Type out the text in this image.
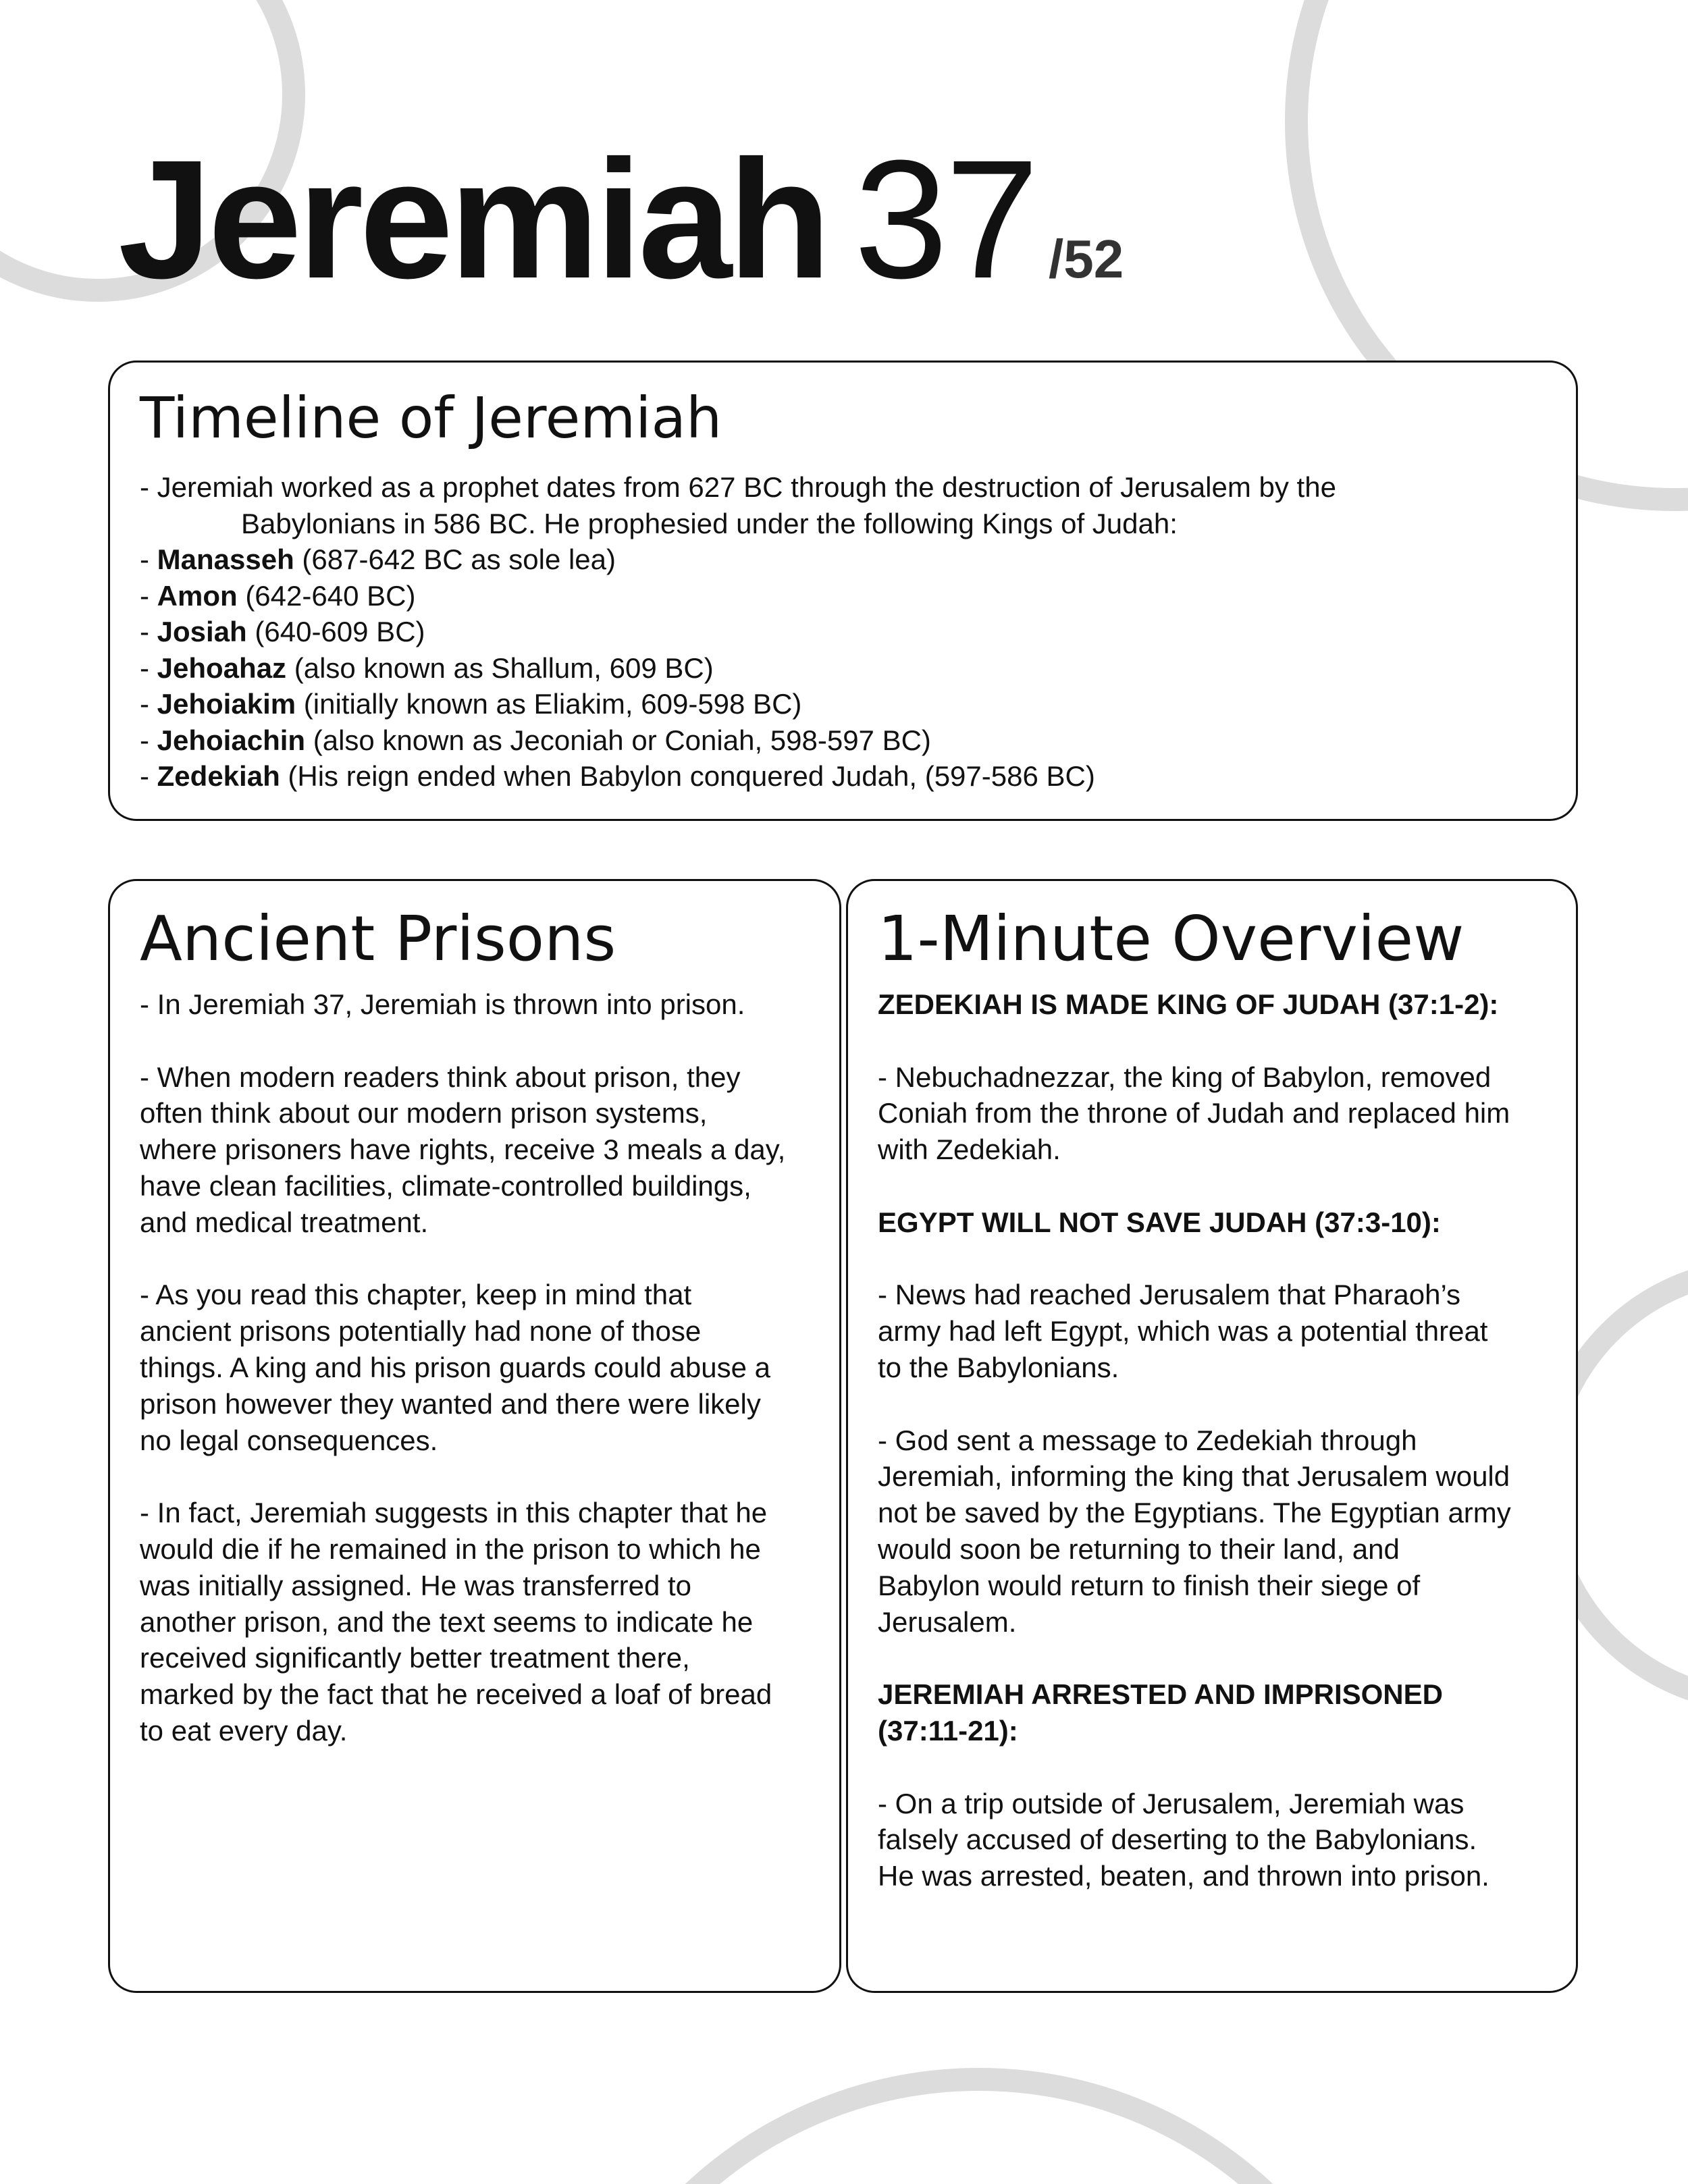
Jeremiah 37 /52
Timeline of Jeremiah
- Jeremiah worked as a prophet dates from 627 BC through the destruction of Jerusalem by the
Babylonians in 586 BC. He prophesied under the following Kings of Judah:
- Manasseh (687-642 BC as sole lea)
- Amon (642-640 BC)
- Josiah (640-609 BC)
- Jehoahaz (also known as Shallum, 609 BC)
- Jehoiakim (initially known as Eliakim, 609-598 BC)
- Jehoiachin (also known as Jeconiah or Coniah, 598-597 BC)
- Zedekiah (His reign ended when Babylon conquered Judah, (597-586 BC)
Ancient Prisons

- In Jeremiah 37, Jeremiah is thrown into prison.

- When modern readers think about prison, they
often think about our modern prison systems,
where prisoners have rights, receive 3 meals a day,
have clean facilities, climate-controlled buildings,
and medical treatment.

- As you read this chapter, keep in mind that
ancient prisons potentially had none of those
things. A king and his prison guards could abuse a
prison however they wanted and there were likely
no legal consequences.

- In fact, Jeremiah suggests in this chapter that he
would die if he remained in the prison to which he
was initially assigned. He was transferred to
another prison, and the text seems to indicate he
received significantly better treatment there,
marked by the fact that he received a loaf of bread
to eat every day.

1-Minute Overview

ZEDEKIAH IS MADE KING OF JUDAH (37:1-2):

- Nebuchadnezzar, the king of Babylon, removed
Coniah from the throne of Judah and replaced him
with Zedekiah.

EGYPT WILL NOT SAVE JUDAH (37:3-10):

- News had reached Jerusalem that Pharaoh’s
army had left Egypt, which was a potential threat
to the Babylonians.

- God sent a message to Zedekiah through
Jeremiah, informing the king that Jerusalem would
not be saved by the Egyptians. The Egyptian army
would soon be returning to their land, and
Babylon would return to finish their siege of
Jerusalem.

JEREMIAH ARRESTED AND IMPRISONED
(37:11-21):

- On a trip outside of Jerusalem, Jeremiah was
falsely accused of deserting to the Babylonians.
He was arrested, beaten, and thrown into prison.
